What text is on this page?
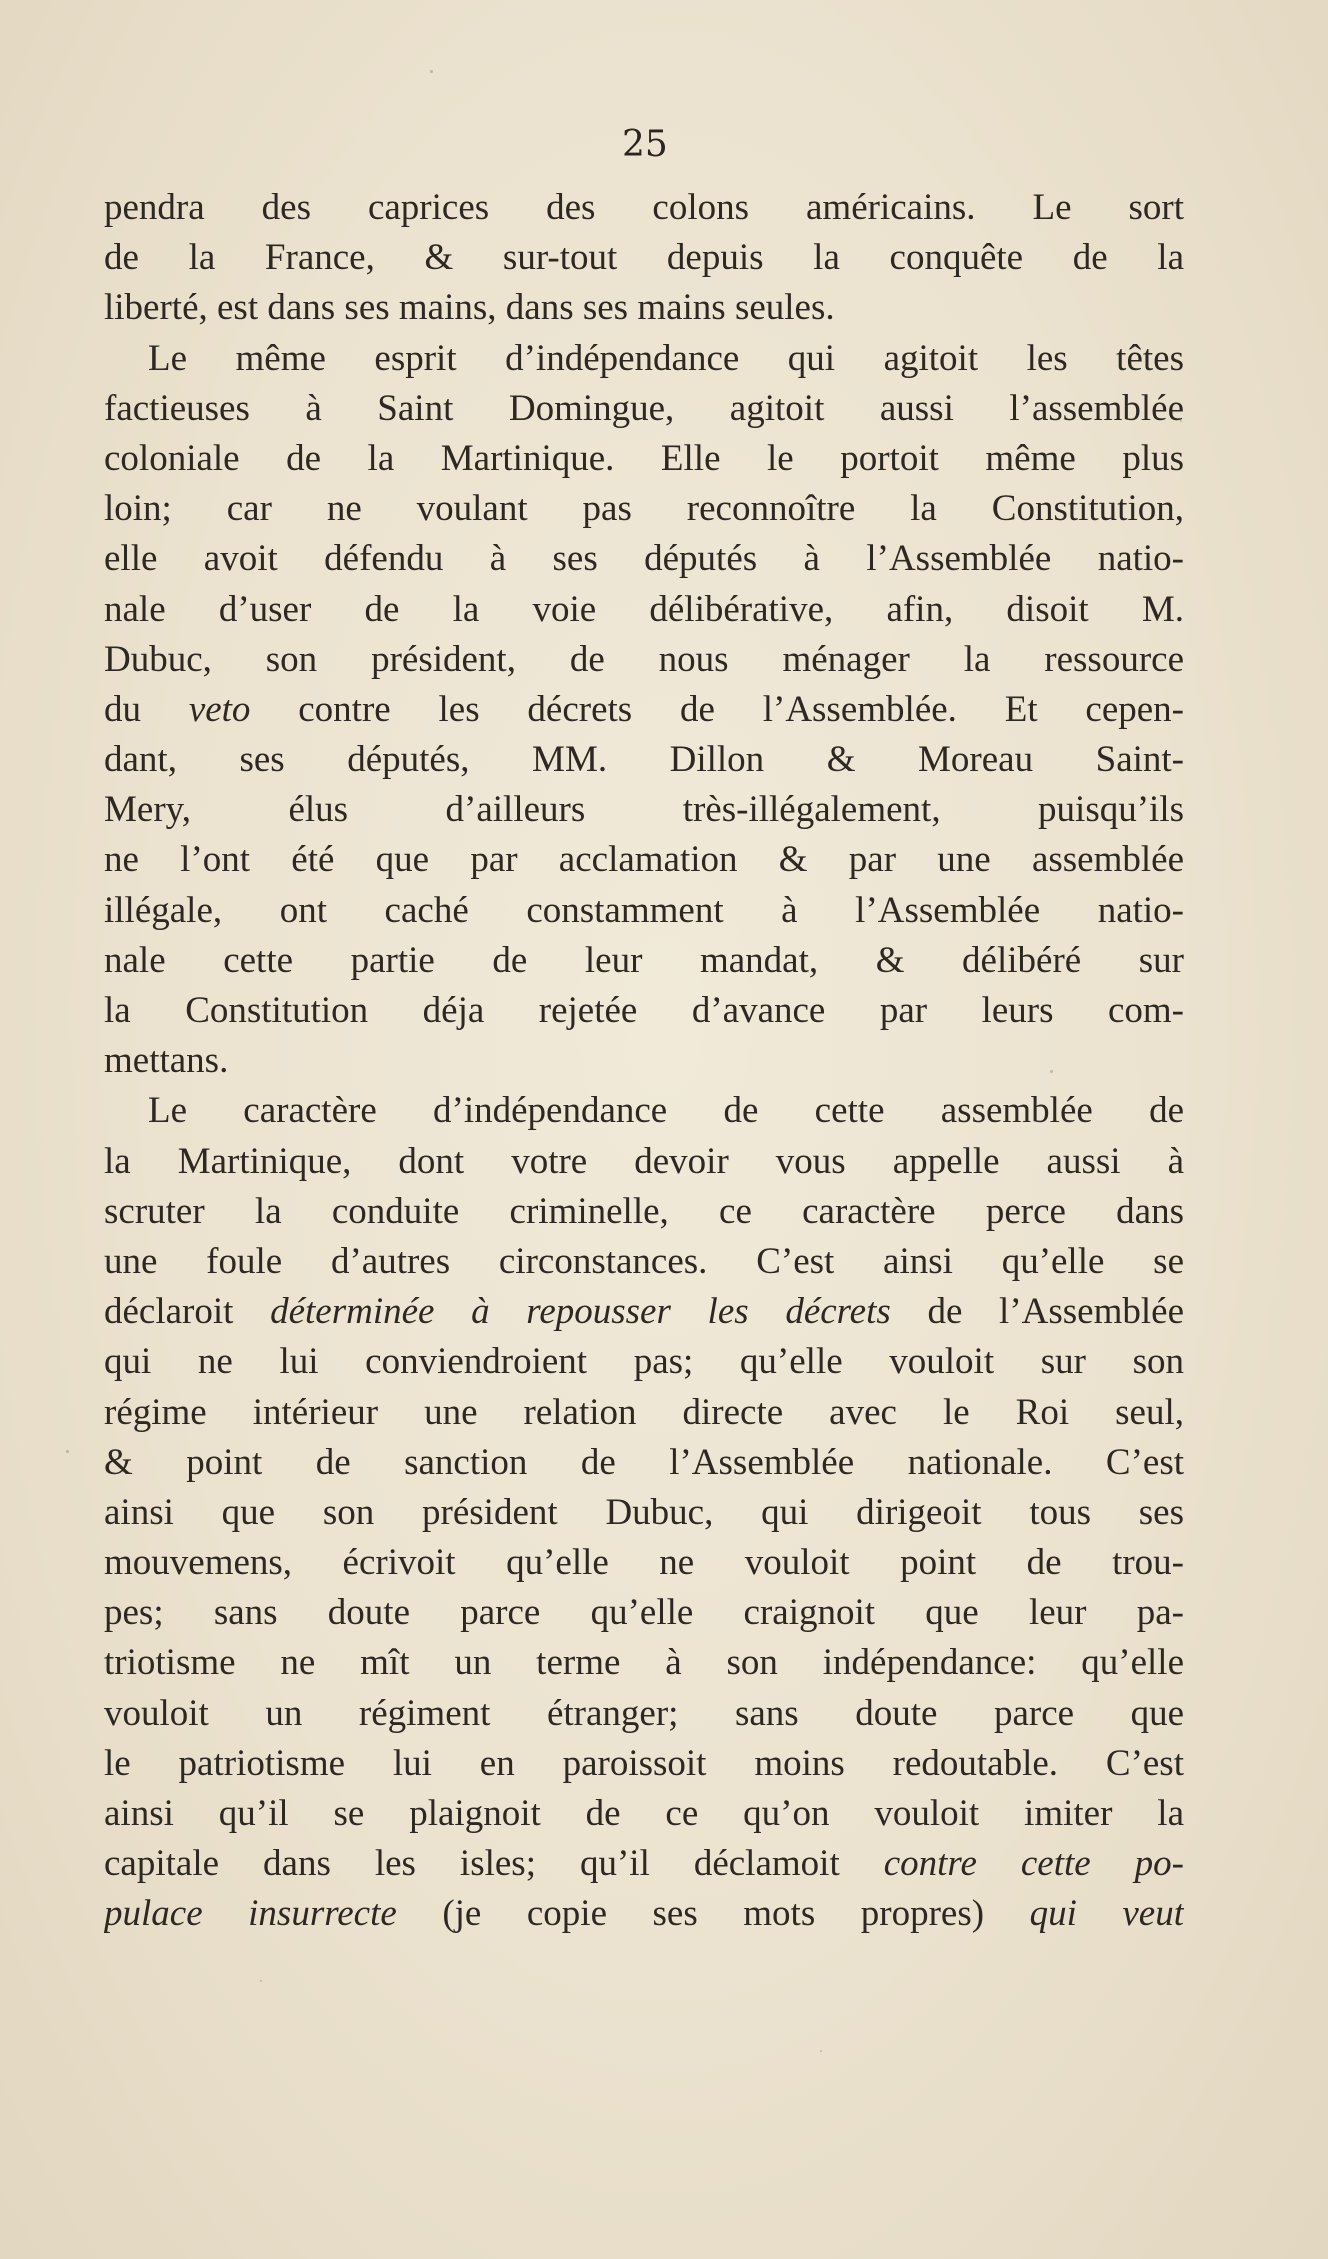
25

pendra des caprices des colons américains. Le sort
de la France, & sur-tout depuis la conquête de la
liberté, est dans ses mains, dans ses mains seules.
Le même esprit d’indépendance qui agitoit les têtes
factieuses à Saint Domingue, agitoit aussi l’assemblée
coloniale de la Martinique. Elle le portoit même plus
loin; car ne voulant pas reconnoître la Constitution,
elle avoit défendu à ses députés à l’Assemblée natio-
nale d’user de la voie délibérative, afin, disoit M.
Dubuc, son président, de nous ménager la ressource
du veto contre les décrets de l’Assemblée. Et cepen-
dant, ses députés, MM. Dillon & Moreau Saint-
Mery, élus d’ailleurs très-illégalement, puisqu’ils
ne l’ont été que par acclamation & par une assemblée
illégale, ont caché constamment à l’Assemblée natio-
nale cette partie de leur mandat, & délibéré sur
la Constitution déja rejetée d’avance par leurs com-
mettans.
Le caractère d’indépendance de cette assemblée de
la Martinique, dont votre devoir vous appelle aussi à
scruter la conduite criminelle, ce caractère perce dans
une foule d’autres circonstances. C’est ainsi qu’elle se
déclaroit déterminée à repousser les décrets de l’Assemblée
qui ne lui conviendroient pas; qu’elle vouloit sur son
régime intérieur une relation directe avec le Roi seul,
& point de sanction de l’Assemblée nationale. C’est
ainsi que son président Dubuc, qui dirigeoit tous ses
mouvemens, écrivoit qu’elle ne vouloit point de trou-
pes; sans doute parce qu’elle craignoit que leur pa-
triotisme ne mît un terme à son indépendance: qu’elle
vouloit un régiment étranger; sans doute parce que
le patriotisme lui en paroissoit moins redoutable. C’est
ainsi qu’il se plaignoit de ce qu’on vouloit imiter la
capitale dans les isles; qu’il déclamoit contre cette po-
pulace insurrecte (je copie ses mots propres) qui veut
